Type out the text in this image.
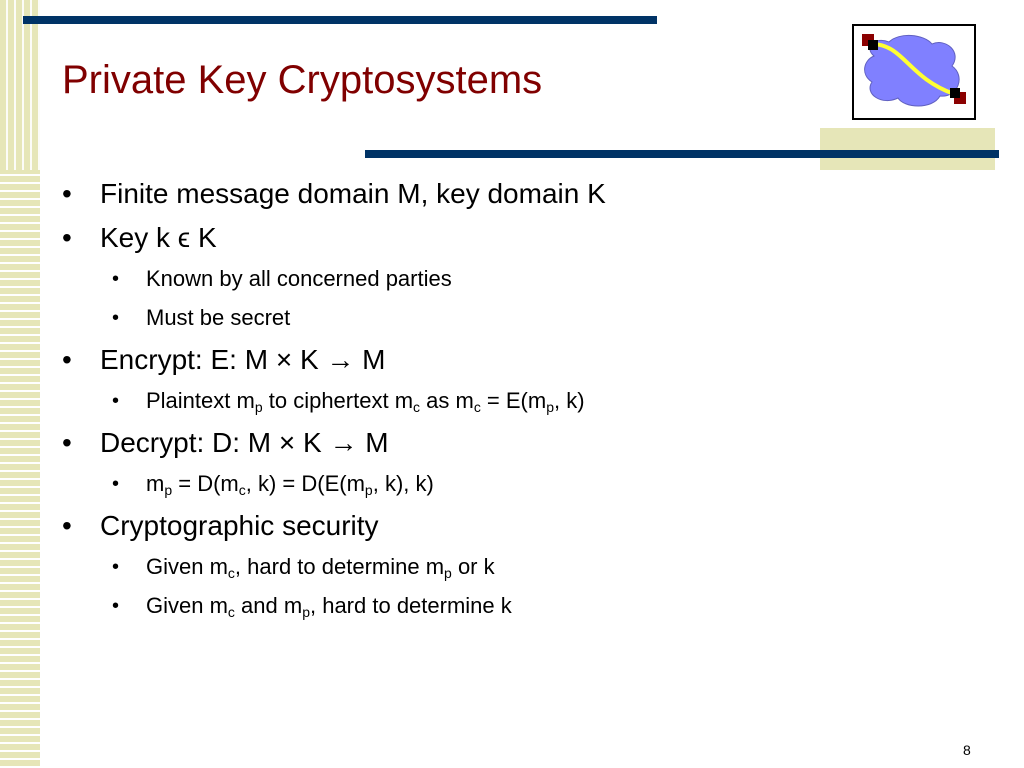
Private Key Cryptosystems
• Finite message domain M, key domain K
• Key k ϵ K
• Known by all concerned parties
• Must be secret
• Encrypt: E: M × K → M
• Plaintext $m_p$ to ciphertext $m_c$ as $m_c = E(m_p$, k)
• Decrypt: D: M × K → M
• $m_p = D(m_c$, $k) = D(E(m_p$, k), k)
• Cryptographic security
• Given $m_c$, hard to determine $m_p$ or k
• Given $m_c$ and $m_p$, hard to determine k
8
